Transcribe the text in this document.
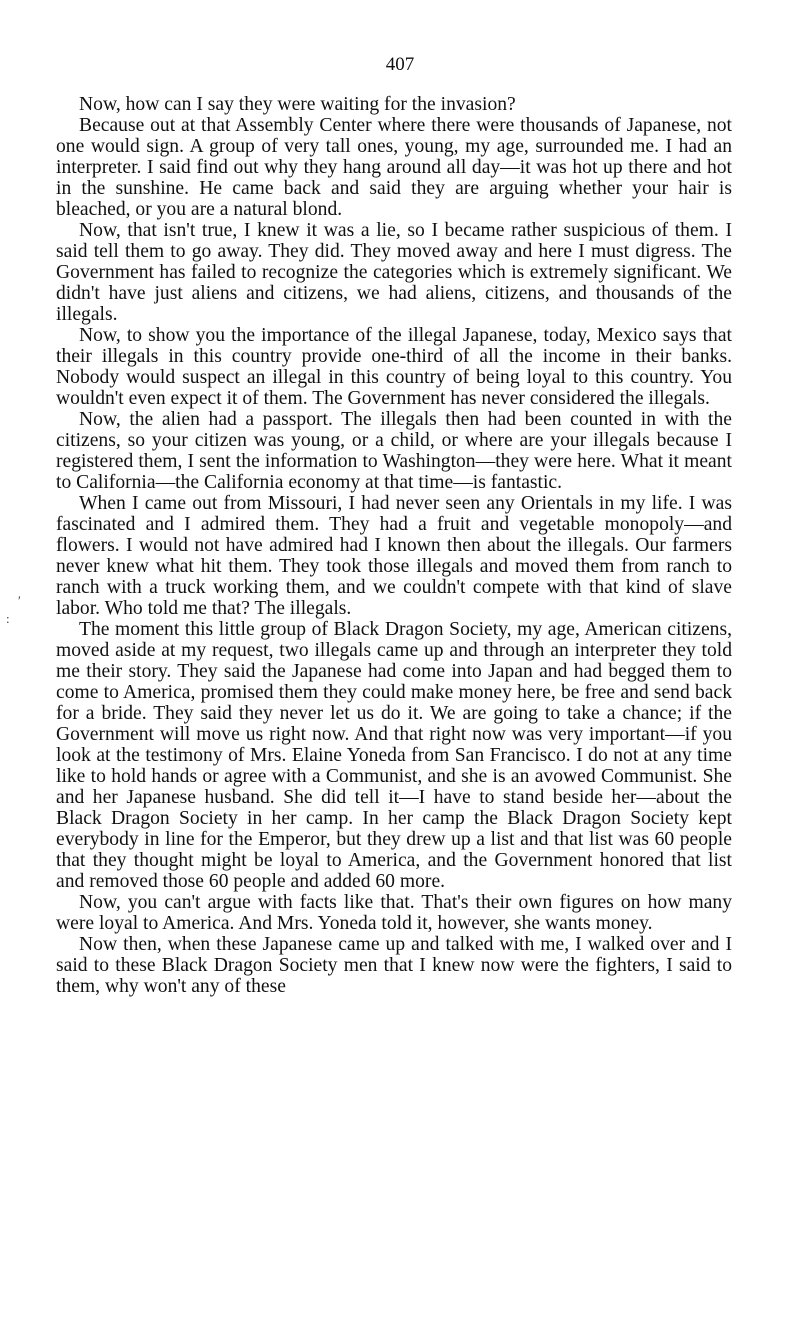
407
′
:

Now, how can I say they were waiting for the invasion?

Because out at that Assembly Center where there were thousands of Japanese, not one would sign. A group of very tall ones, young, my age, surrounded me. I had an interpreter. I said find out why they hang around all day—it was hot up there and hot in the sunshine. He came back and said they are arguing whether your hair is bleached, or you are a natural blond.

Now, that isn't true, I knew it was a lie, so I became rather suspicious of them. I said tell them to go away. They did. They moved away and here I must digress. The Government has failed to recognize the categories which is extremely significant. We didn't have just aliens and citizens, we had aliens, citizens, and thousands of the illegals.

Now, to show you the importance of the illegal Japanese, today, Mexico says that their illegals in this country provide one-third of all the income in their banks. Nobody would suspect an illegal in this country of being loyal to this country. You wouldn't even expect it of them. The Government has never considered the illegals.

Now, the alien had a passport. The illegals then had been counted in with the citizens, so your citizen was young, or a child, or where are your illegals because I registered them, I sent the information to Washington—they were here. What it meant to California—the California economy at that time—is fantastic.

When I came out from Missouri, I had never seen any Orientals in my life. I was fascinated and I admired them. They had a fruit and vegetable monopoly—and flowers. I would not have admired had I known then about the illegals. Our farmers never knew what hit them. They took those illegals and moved them from ranch to ranch with a truck working them, and we couldn't compete with that kind of slave labor. Who told me that? The illegals.

The moment this little group of Black Dragon Society, my age, American citizens, moved aside at my request, two illegals came up and through an interpreter they told me their story. They said the Japanese had come into Japan and had begged them to come to America, promised them they could make money here, be free and send back for a bride. They said they never let us do it. We are going to take a chance; if the Government will move us right now. And that right now was very important—if you look at the testimony of Mrs. Elaine Yoneda from San Francisco. I do not at any time like to hold hands or agree with a Communist, and she is an avowed Communist. She and her Japanese husband. She did tell it—I have to stand beside her—about the Black Dragon Society in her camp. In her camp the Black Dragon Society kept everybody in line for the Emperor, but they drew up a list and that list was 60 people that they thought might be loyal to America, and the Government honored that list and removed those 60 people and added 60 more.

Now, you can't argue with facts like that. That's their own figures on how many were loyal to America. And Mrs. Yoneda told it, however, she wants money.

Now then, when these Japanese came up and talked with me, I walked over and I said to these Black Dragon Society men that I knew now were the fighters, I said to them, why won't any of these
